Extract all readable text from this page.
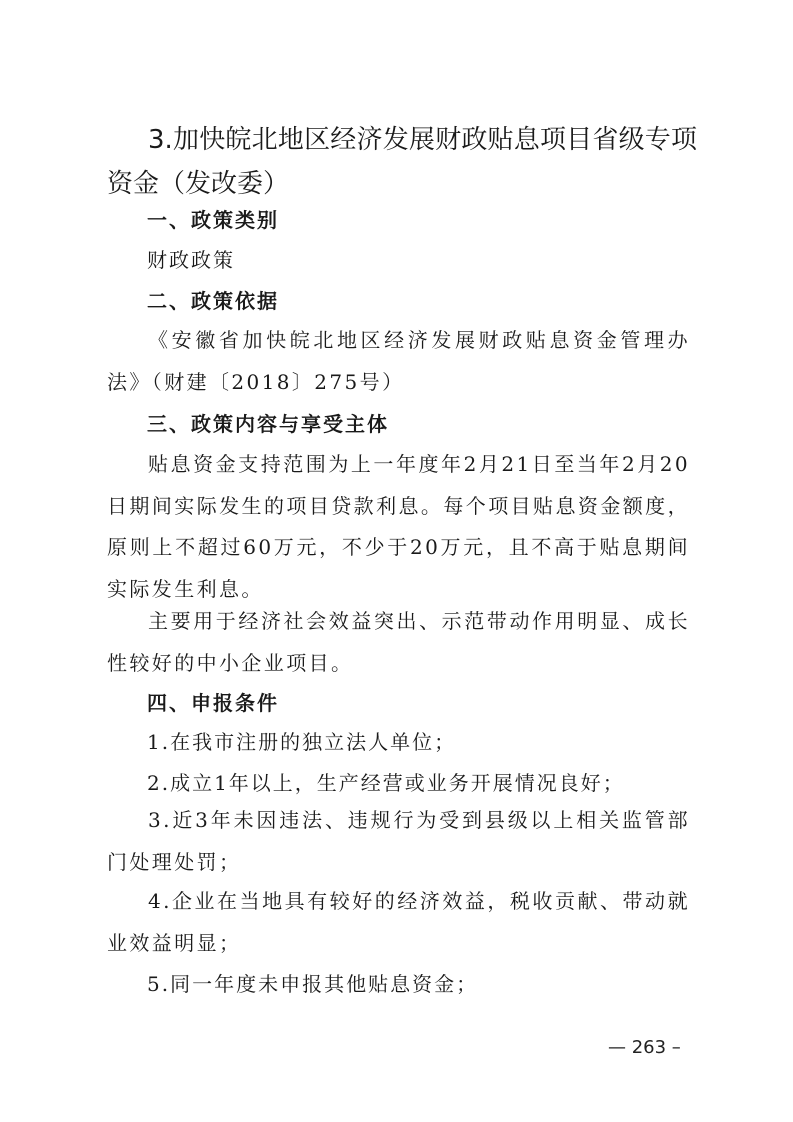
3.加快皖北地区经济发展财政贴息项目省级专项资金（发改委）
一、政策类别

财政政策

二、政策依据

《安徽省加快皖北地区经济发展财政贴息资金管理办法》（财建〔2018〕275号）

三、政策内容与享受主体

贴息资金支持范围为上一年度年2月21日至当年2月20日期间实际发生的项目贷款利息。每个项目贴息资金额度，原则上不超过60万元，不少于20万元，且不高于贴息期间实际发生利息。

主要用于经济社会效益突出、示范带动作用明显、成长性较好的中小企业项目。

四、申报条件

1.在我市注册的独立法人单位；

2.成立1年以上，生产经营或业务开展情况良好；

3.近3年未因违法、违规行为受到县级以上相关监管部门处理处罚；

4.企业在当地具有较好的经济效益，税收贡献、带动就业效益明显；

5.同一年度未申报其他贴息资金；

— 263 –
